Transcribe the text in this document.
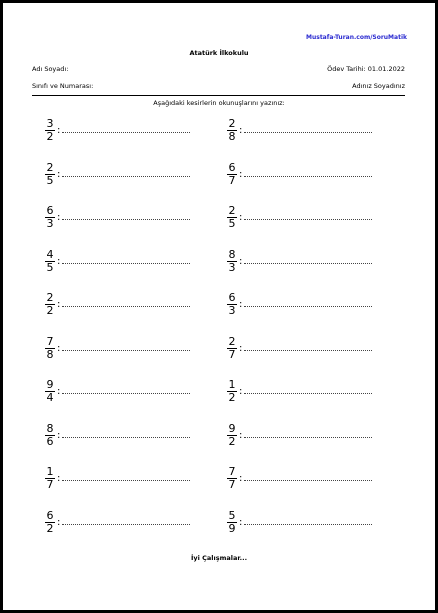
Mustafa-Turan.com/SoruMatik
Atatürk İlkokulu
Adı Soyadı:	Ödev Tarihi: 01.01.2022
Sınıfı ve Numarası:	Adınız Soyadınız
Aşağıdaki kesirlerin okunuşlarını yazınız:
3
2 :
2
5 :
6
3 :
4
5 :
2
2 :
7
8 :
9
4 :
8
6 :
1
7 :
6
2 :
2
8 :
6
7 :
2
5 :
8
3 :
6
3 :
2
7 :
1
2 :
9
2 :
7
7 :
5
9 :
İyi Çalışmalar...
